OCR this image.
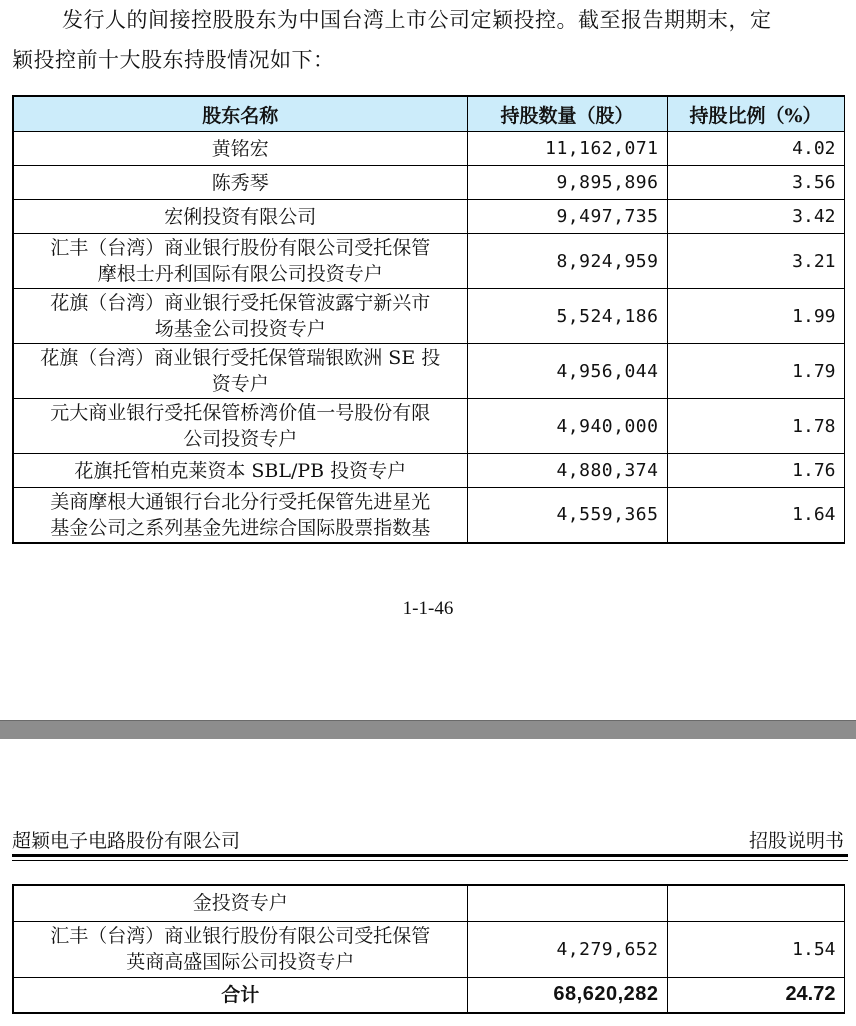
发行人的间接控股股东为中国台湾上市公司定颖投控。截至报告期期末，定
颖投控前十大股东持股情况如下：
股东名称	持股数量（股）	持股比例（%）
黄铭宏	11,162,071	4.02
陈秀琴	9,895,896	3.56
宏俐投资有限公司	9,497,735	3.42

汇丰（台湾）商业银行股份有限公司受托保管
摩根士丹利国际有限公司投资专户	8,924,959	3.21

花旗（台湾）商业银行受托保管波露宁新兴市
场基金公司投资专户	5,524,186	1.99

花旗（台湾）商业银行受托保管瑞银欧洲 SE 投
资专户	4,956,044	1.79

元大商业银行受托保管桥湾价值一号股份有限
公司投资专户	4,940,000	1.78
花旗托管柏克莱资本 SBL/PB 投资专户	4,880,374	1.76

美商摩根大通银行台北分行受托保管先进星光
基金公司之系列基金先进综合国际股票指数基	4,559,365	1.64
1-1-46
超颖电子电路股份有限公司	招股说明书
金投资专户		

汇丰（台湾）商业银行股份有限公司受托保管
英商高盛国际公司投资专户	4,279,652	1.54
合计	68,620,282	24.72
